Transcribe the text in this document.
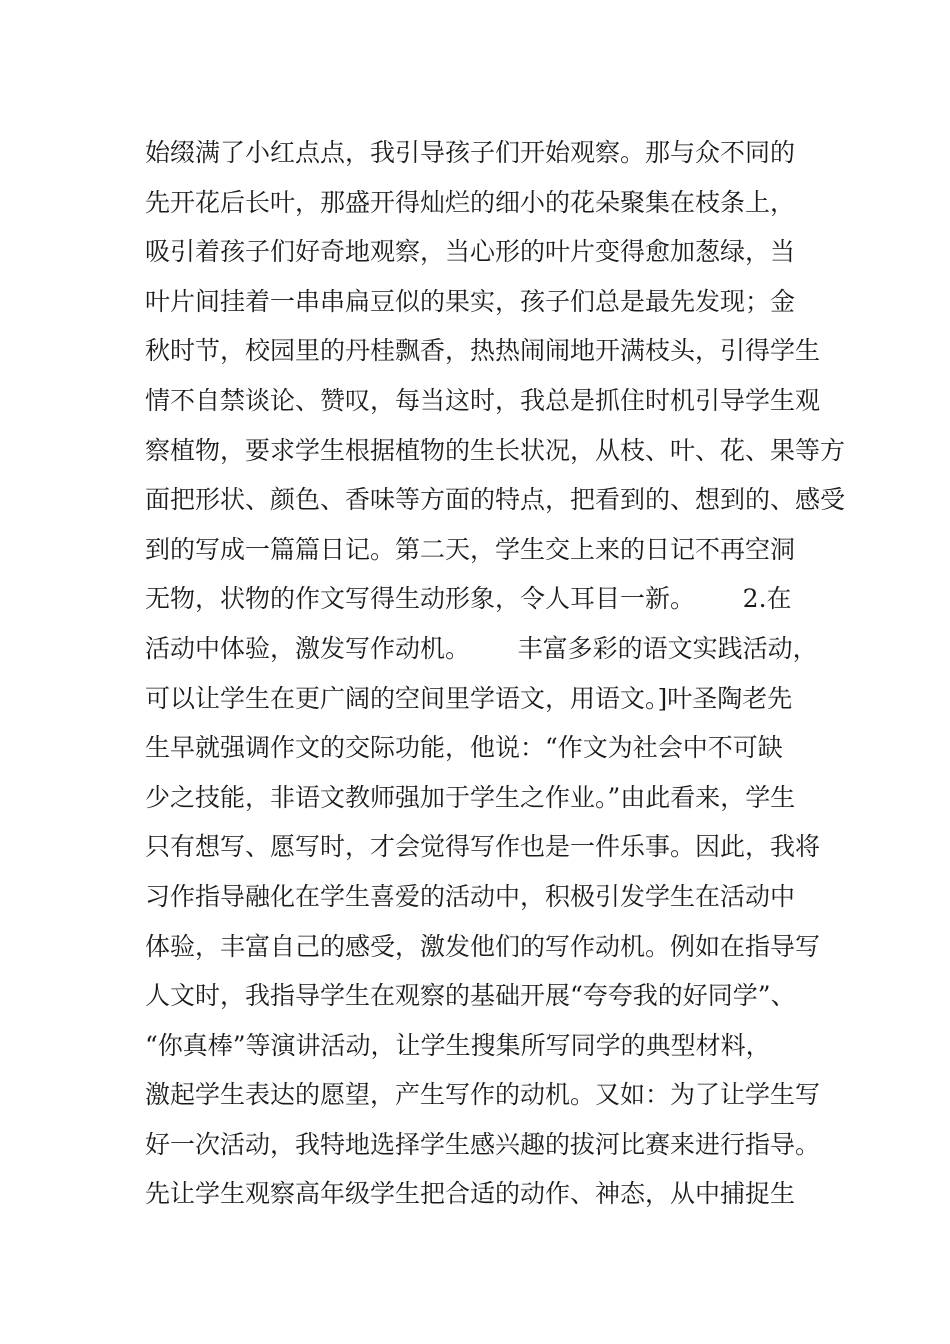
始缀满了小红点点，我引导孩子们开始观察。那与众不同的
先开花后长叶，那盛开得灿烂的细小的花朵聚集在枝条上，
吸引着孩子们好奇地观察，当心形的叶片变得愈加葱绿，当
叶片间挂着一串串扁豆似的果实，孩子们总是最先发现；金
秋时节，校园里的丹桂飘香，热热闹闹地开满枝头，引得学生
情不自禁谈论、赞叹，每当这时，我总是抓住时机引导学生观
察植物，要求学生根据植物的生长状况，从枝、叶、花、果等方
面把形状、颜色、香味等方面的特点，把看到的、想到的、感受
到的写成一篇篇日记。第二天，学生交上来的日记不再空洞
无物，状物的作文写得生动形象，令人耳目一新。      2.在
活动中体验，激发写作动机。      丰富多彩的语文实践活动，
可以让学生在更广阔的空间里学语文，用语文。]叶圣陶老先
生早就强调作文的交际功能，他说：“作文为社会中不可缺
少之技能，非语文教师强加于学生之作业。”由此看来，学生
只有想写、愿写时，才会觉得写作也是一件乐事。因此，我将
习作指导融化在学生喜爱的活动中，积极引发学生在活动中
体验，丰富自己的感受，激发他们的写作动机。例如在指导写
人文时，我指导学生在观察的基础开展“夸夸我的好同学”、
“你真棒”等演讲活动，让学生搜集所写同学的典型材料，
激起学生表达的愿望，产生写作的动机。又如：为了让学生写
好一次活动，我特地选择学生感兴趣的拔河比赛来进行指导。
先让学生观察高年级学生把合适的动作、神态，从中捕捉生
